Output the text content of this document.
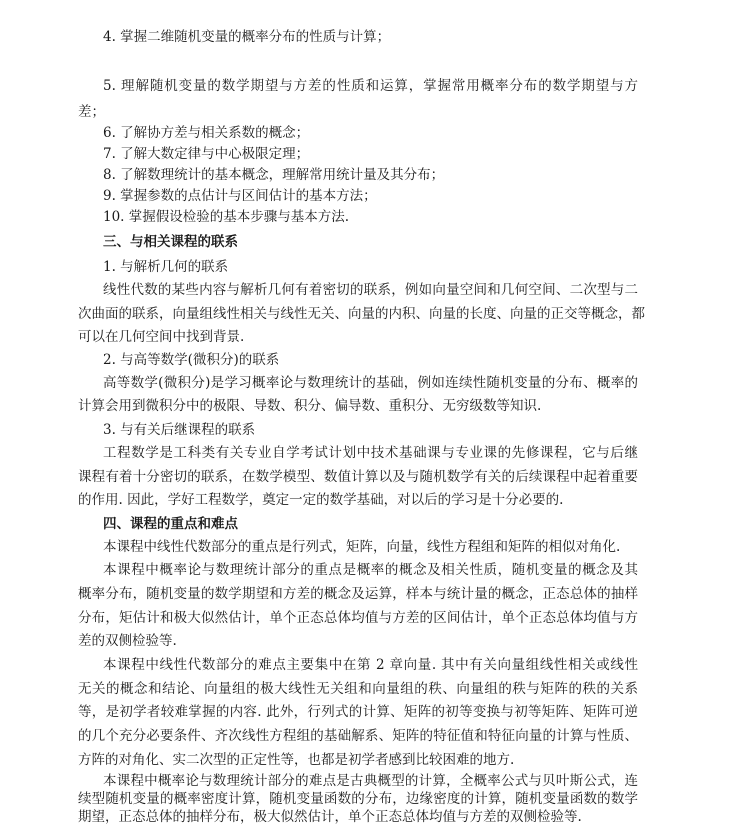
4. 掌握二维随机变量的概率分布的性质与计算；
5. 理解随机变量的数学期望与方差的性质和运算，掌握常用概率分布的数学期望与方
差；
6. 了解协方差与相关系数的概念；
7. 了解大数定律与中心极限定理；
8. 了解数理统计的基本概念，理解常用统计量及其分布；
9. 掌握参数的点估计与区间估计的基本方法；
10. 掌握假设检验的基本步骤与基本方法.
三、与相关课程的联系
1. 与解析几何的联系
线性代数的某些内容与解析几何有着密切的联系，例如向量空间和几何空间、二次型与二
次曲面的联系，向量组线性相关与线性无关、向量的内积、向量的长度、向量的正交等概念，都
可以在几何空间中找到背景.
2. 与高等数学(微积分)的联系
高等数学(微积分)是学习概率论与数理统计的基础，例如连续性随机变量的分布、概率的
计算会用到微积分中的极限、导数、积分、偏导数、重积分、无穷级数等知识.
3. 与有关后继课程的联系
工程数学是工科类有关专业自学考试计划中技术基础课与专业课的先修课程，它与后继
课程有着十分密切的联系，在数学模型、数值计算以及与随机数学有关的后续课程中起着重要
的作用. 因此，学好工程数学，奠定一定的数学基础，对以后的学习是十分必要的.
四、课程的重点和难点
本课程中线性代数部分的重点是行列式，矩阵，向量，线性方程组和矩阵的相似对角化.
本课程中概率论与数理统计部分的重点是概率的概念及相关性质，随机变量的概念及其
概率分布，随机变量的数学期望和方差的概念及运算，样本与统计量的概念，正态总体的抽样
分布，矩估计和极大似然估计，单个正态总体均值与方差的区间估计，单个正态总体均值与方
差的双侧检验等.
本课程中线性代数部分的难点主要集中在第 2 章向量. 其中有关向量组线性相关或线性
无关的概念和结论、向量组的极大线性无关组和向量组的秩、向量组的秩与矩阵的秩的关系
等，是初学者较难掌握的内容. 此外，行列式的计算、矩阵的初等变换与初等矩阵、矩阵可逆
的几个充分必要条件、齐次线性方程组的基础解系、矩阵的特征值和特征向量的计算与性质、
方阵的对角化、实二次型的正定性等，也都是初学者感到比较困难的地方.
本课程中概率论与数理统计部分的难点是古典概型的计算，全概率公式与贝叶斯公式，连
续型随机变量的概率密度计算，随机变量函数的分布，边缘密度的计算，随机变量函数的数学
期望，正态总体的抽样分布，极大似然估计，单个正态总体均值与方差的双侧检验等.
